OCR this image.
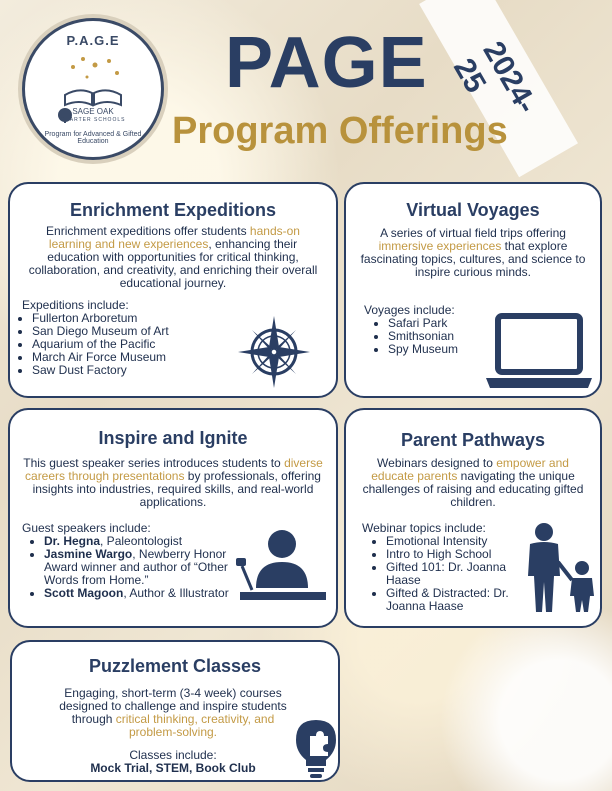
P.A.G.E
SAGE OAK
CHARTER SCHOOLS
Program for Advanced & Gifted Education
2024-25
PAGE
Program Offerings
Enrichment Expeditions
Enrichment expeditions offer students hands-on learning and new experiences, enhancing their education with opportunities for critical thinking, collaboration, and creativity, and enriching their overall educational journey.
Expeditions include:
• Fullerton Arboretum
• San Diego Museum of Art
• Aquarium of the Pacific
• March Air Force Museum
• Saw Dust Factory
Virtual Voyages
A series of virtual field trips offering immersive experiences that explore fascinating topics, cultures, and science to inspire curious minds.
Voyages include:
• Safari Park
• Smithsonian
• Spy Museum
Inspire and Ignite
This guest speaker series introduces students to diverse careers through presentations by professionals, offering insights into industries, required skills, and real-world applications.
Guest speakers include:
• Dr. Hegna, Paleontologist
• Jasmine Wargo, Newberry Honor Award winner and author of “Other Words from Home.”
• Scott Magoon, Author & Illustrator
Parent Pathways
Webinars designed to empower and educate parents navigating the unique challenges of raising and educating gifted children.
Webinar topics include:
• Emotional Intensity
• Intro to High School
• Gifted 101: Dr. Joanna Haase
• Gifted & Distracted: Dr. Joanna Haase
Puzzlement Classes
Engaging, short-term (3-4 week) courses designed to challenge and inspire students through critical thinking, creativity, and problem-solving.
Classes include:
Mock Trial, STEM, Book Club
